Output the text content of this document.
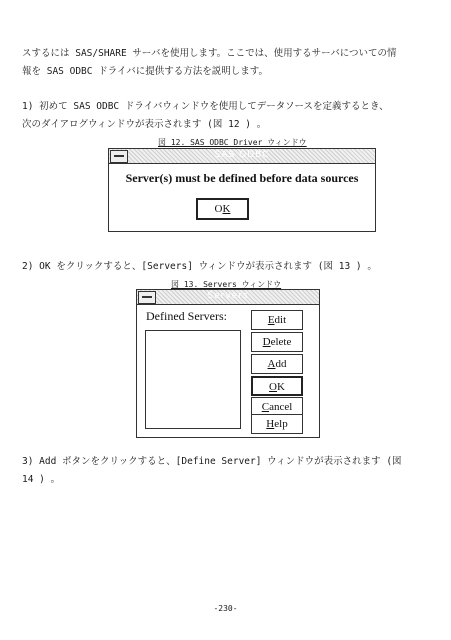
スするには SAS/SHARE サーバを使用します。ここでは、使用するサーバについての情
報を SAS ODBC ドライバに提供する方法を説明します。
1) 初めて SAS ODBC ドライバウィンドウを使用してデータソースを定義するとき、
次のダイアログウィンドウが表示されます (図 12 ) 。
図 12. SAS ODBC Driver ウィンドウ
SAS ODBC
Server(s) must be defined before data sources
OK
2) OK をクリックすると、[Servers] ウィンドウが表示されます (図 13 ) 。
図 13. Servers ウィンドウ
Servers
Defined Servers:	Edit
Delete
Add
OK
Cancel
Help
3) Add ボタンをクリックすると、[Define Server] ウィンドウが表示されます (図
14 ) 。
-230-
